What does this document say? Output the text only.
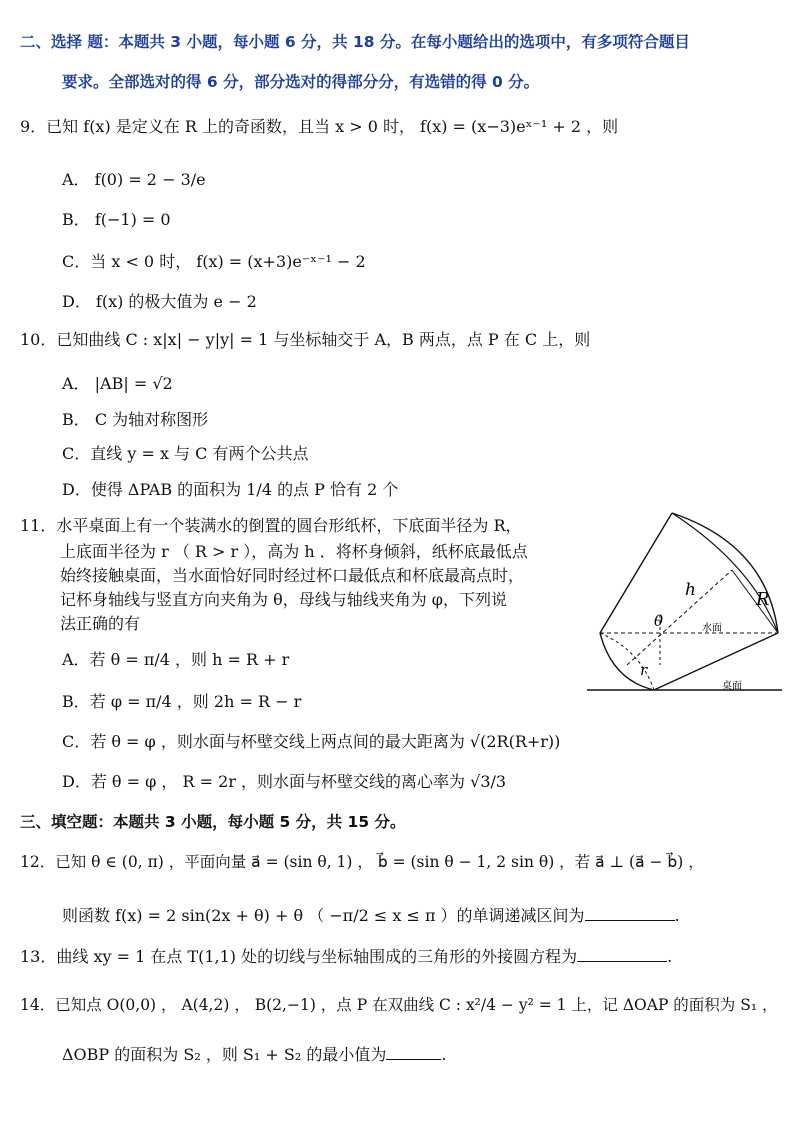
二、选择 题：本题共 3 小题，每小题 6 分，共 18 分。在每小题给出的选项中，有多项符合题目
要求。全部选对的得 6 分，部分选对的得部分分，有选错的得 0 分。
9．已知 f(x) 是定义在 R 上的奇函数，且当 x > 0 时， f(x) = (x−3)eˣ⁻¹ + 2 ，则
A． f(0) = 2 − 3/e
B． f(−1) = 0
C．当 x < 0 时， f(x) = (x+3)e⁻ˣ⁻¹ − 2
D． f(x) 的极大值为 e − 2
10．已知曲线 C : x|x| − y|y| = 1 与坐标轴交于 A，B 两点，点 P 在 C 上，则
A． |AB| = √2
B． C 为轴对称图形
C．直线 y = x 与 C 有两个公共点
D．使得 ΔPAB 的面积为 1/4 的点 P 恰有 2 个
11．水平桌面上有一个装满水的倒置的圆台形纸杯，下底面半径为 R，
上底面半径为 r （ R > r ），高为 h ．将杯身倾斜，纸杯底最低点
始终接触桌面，当水面恰好同时经过杯口最低点和杯底最高点时，
记杯身轴线与竖直方向夹角为 θ，母线与轴线夹角为 φ，下列说
法正确的有
A．若 θ = π/4 ，则 h = R + r
B．若 φ = π/4 ，则 2h = R − r
C．若 θ = φ ，则水面与杯壁交线上两点间的最大距离为 √(2R(R+r))
D．若 θ = φ ， R = 2r ，则水面与杯壁交线的离心率为 √3/3
h	R
θ	水面
r
桌面
三、填空题：本题共 3 小题，每小题 5 分，共 15 分。
12．已知 θ ∈ (0, π) ，平面向量 a⃗ = (sin θ, 1) ， b⃗ = (sin θ − 1, 2 sin θ) ，若 a⃗ ⊥ (a⃗ − b⃗) ，
则函数 f(x) = 2 sin(2x + θ) + θ （ −π/2 ≤ x ≤ π ）的单调递减区间为	.
13．曲线 xy = 1 在点 T(1,1) 处的切线与坐标轴围成的三角形的外接圆方程为	.
14．已知点 O(0,0) ， A(4,2) ， B(2,−1) ，点 P 在双曲线 C : x²/4 − y² = 1 上，记 ΔOAP 的面积为 S₁ ，
ΔOBP 的面积为 S₂ ，则 S₁ + S₂ 的最小值为	.
